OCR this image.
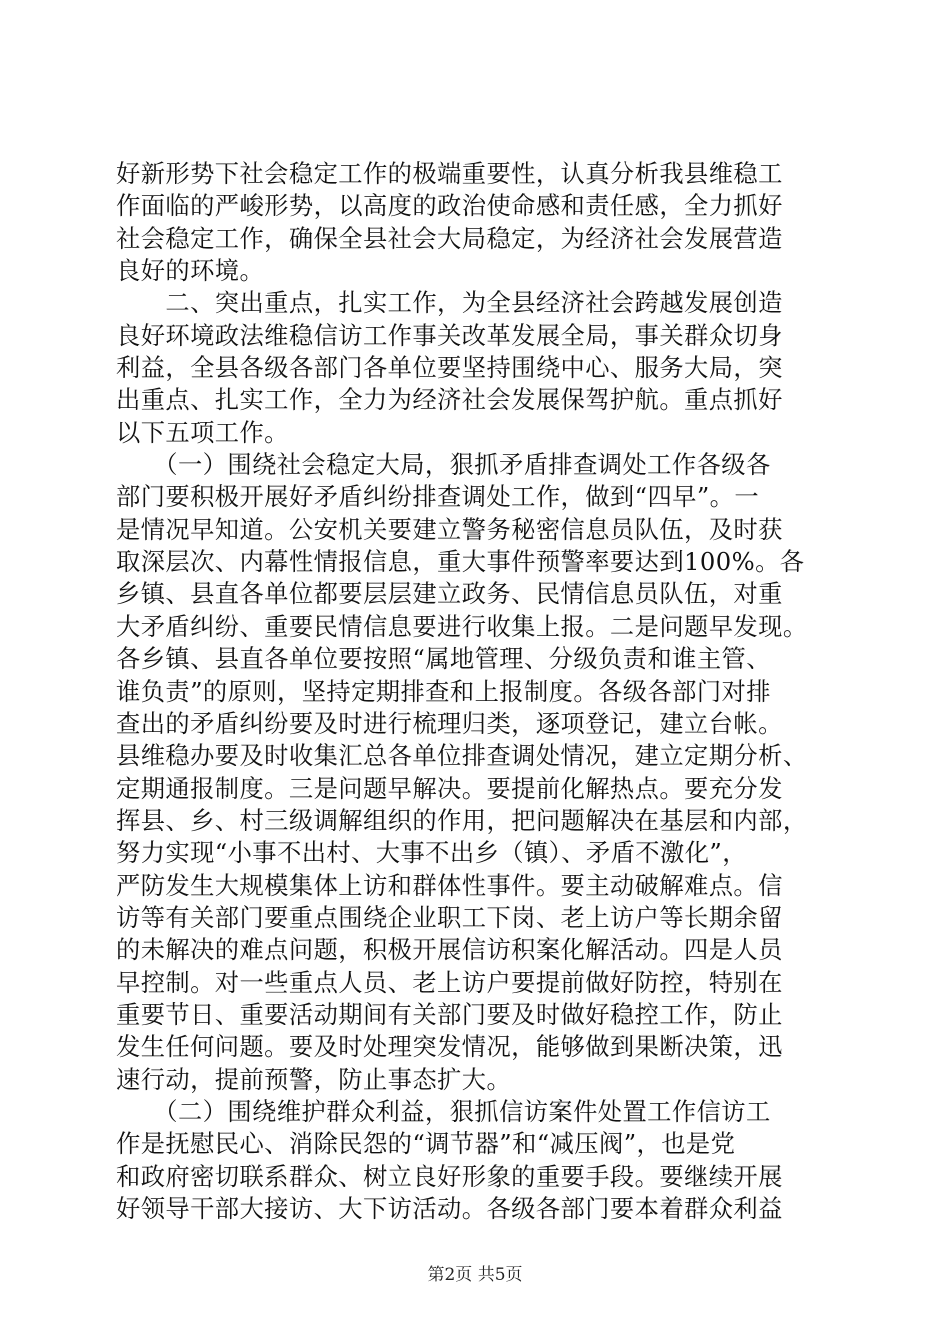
好新形势下社会稳定工作的极端重要性，认真分析我县维稳工
作面临的严峻形势，以高度的政治使命感和责任感，全力抓好
社会稳定工作，确保全县社会大局稳定，为经济社会发展营造
良好的环境。
　　二、突出重点，扎实工作，为全县经济社会跨越发展创造
良好环境政法维稳信访工作事关改革发展全局，事关群众切身
利益，全县各级各部门各单位要坚持围绕中心、服务大局，突
出重点、扎实工作，全力为经济社会发展保驾护航。重点抓好
以下五项工作。
　　（一）围绕社会稳定大局，狠抓矛盾排查调处工作各级各
部门要积极开展好矛盾纠纷排查调处工作，做到“四早”。一
是情况早知道。公安机关要建立警务秘密信息员队伍，及时获
取深层次、内幕性情报信息，重大事件预警率要达到100%。各
乡镇、县直各单位都要层层建立政务、民情信息员队伍，对重
大矛盾纠纷、重要民情信息要进行收集上报。二是问题早发现。
各乡镇、县直各单位要按照“属地管理、分级负责和谁主管、
谁负责”的原则，坚持定期排查和上报制度。各级各部门对排
查出的矛盾纠纷要及时进行梳理归类，逐项登记，建立台帐。
县维稳办要及时收集汇总各单位排查调处情况，建立定期分析、
定期通报制度。三是问题早解决。要提前化解热点。要充分发
挥县、乡、村三级调解组织的作用，把问题解决在基层和内部，
努力实现“小事不出村、大事不出乡（镇）、矛盾不激化”，
严防发生大规模集体上访和群体性事件。要主动破解难点。信
访等有关部门要重点围绕企业职工下岗、老上访户等长期余留
的未解决的难点问题，积极开展信访积案化解活动。四是人员
早控制。对一些重点人员、老上访户要提前做好防控，特别在
重要节日、重要活动期间有关部门要及时做好稳控工作，防止
发生任何问题。要及时处理突发情况，能够做到果断决策，迅
速行动，提前预警，防止事态扩大。
　　（二）围绕维护群众利益，狠抓信访案件处置工作信访工
作是抚慰民心、消除民怨的“调节器”和“减压阀”，也是党
和政府密切联系群众、树立良好形象的重要手段。要继续开展
好领导干部大接访、大下访活动。各级各部门要本着群众利益
第2页 共5页
